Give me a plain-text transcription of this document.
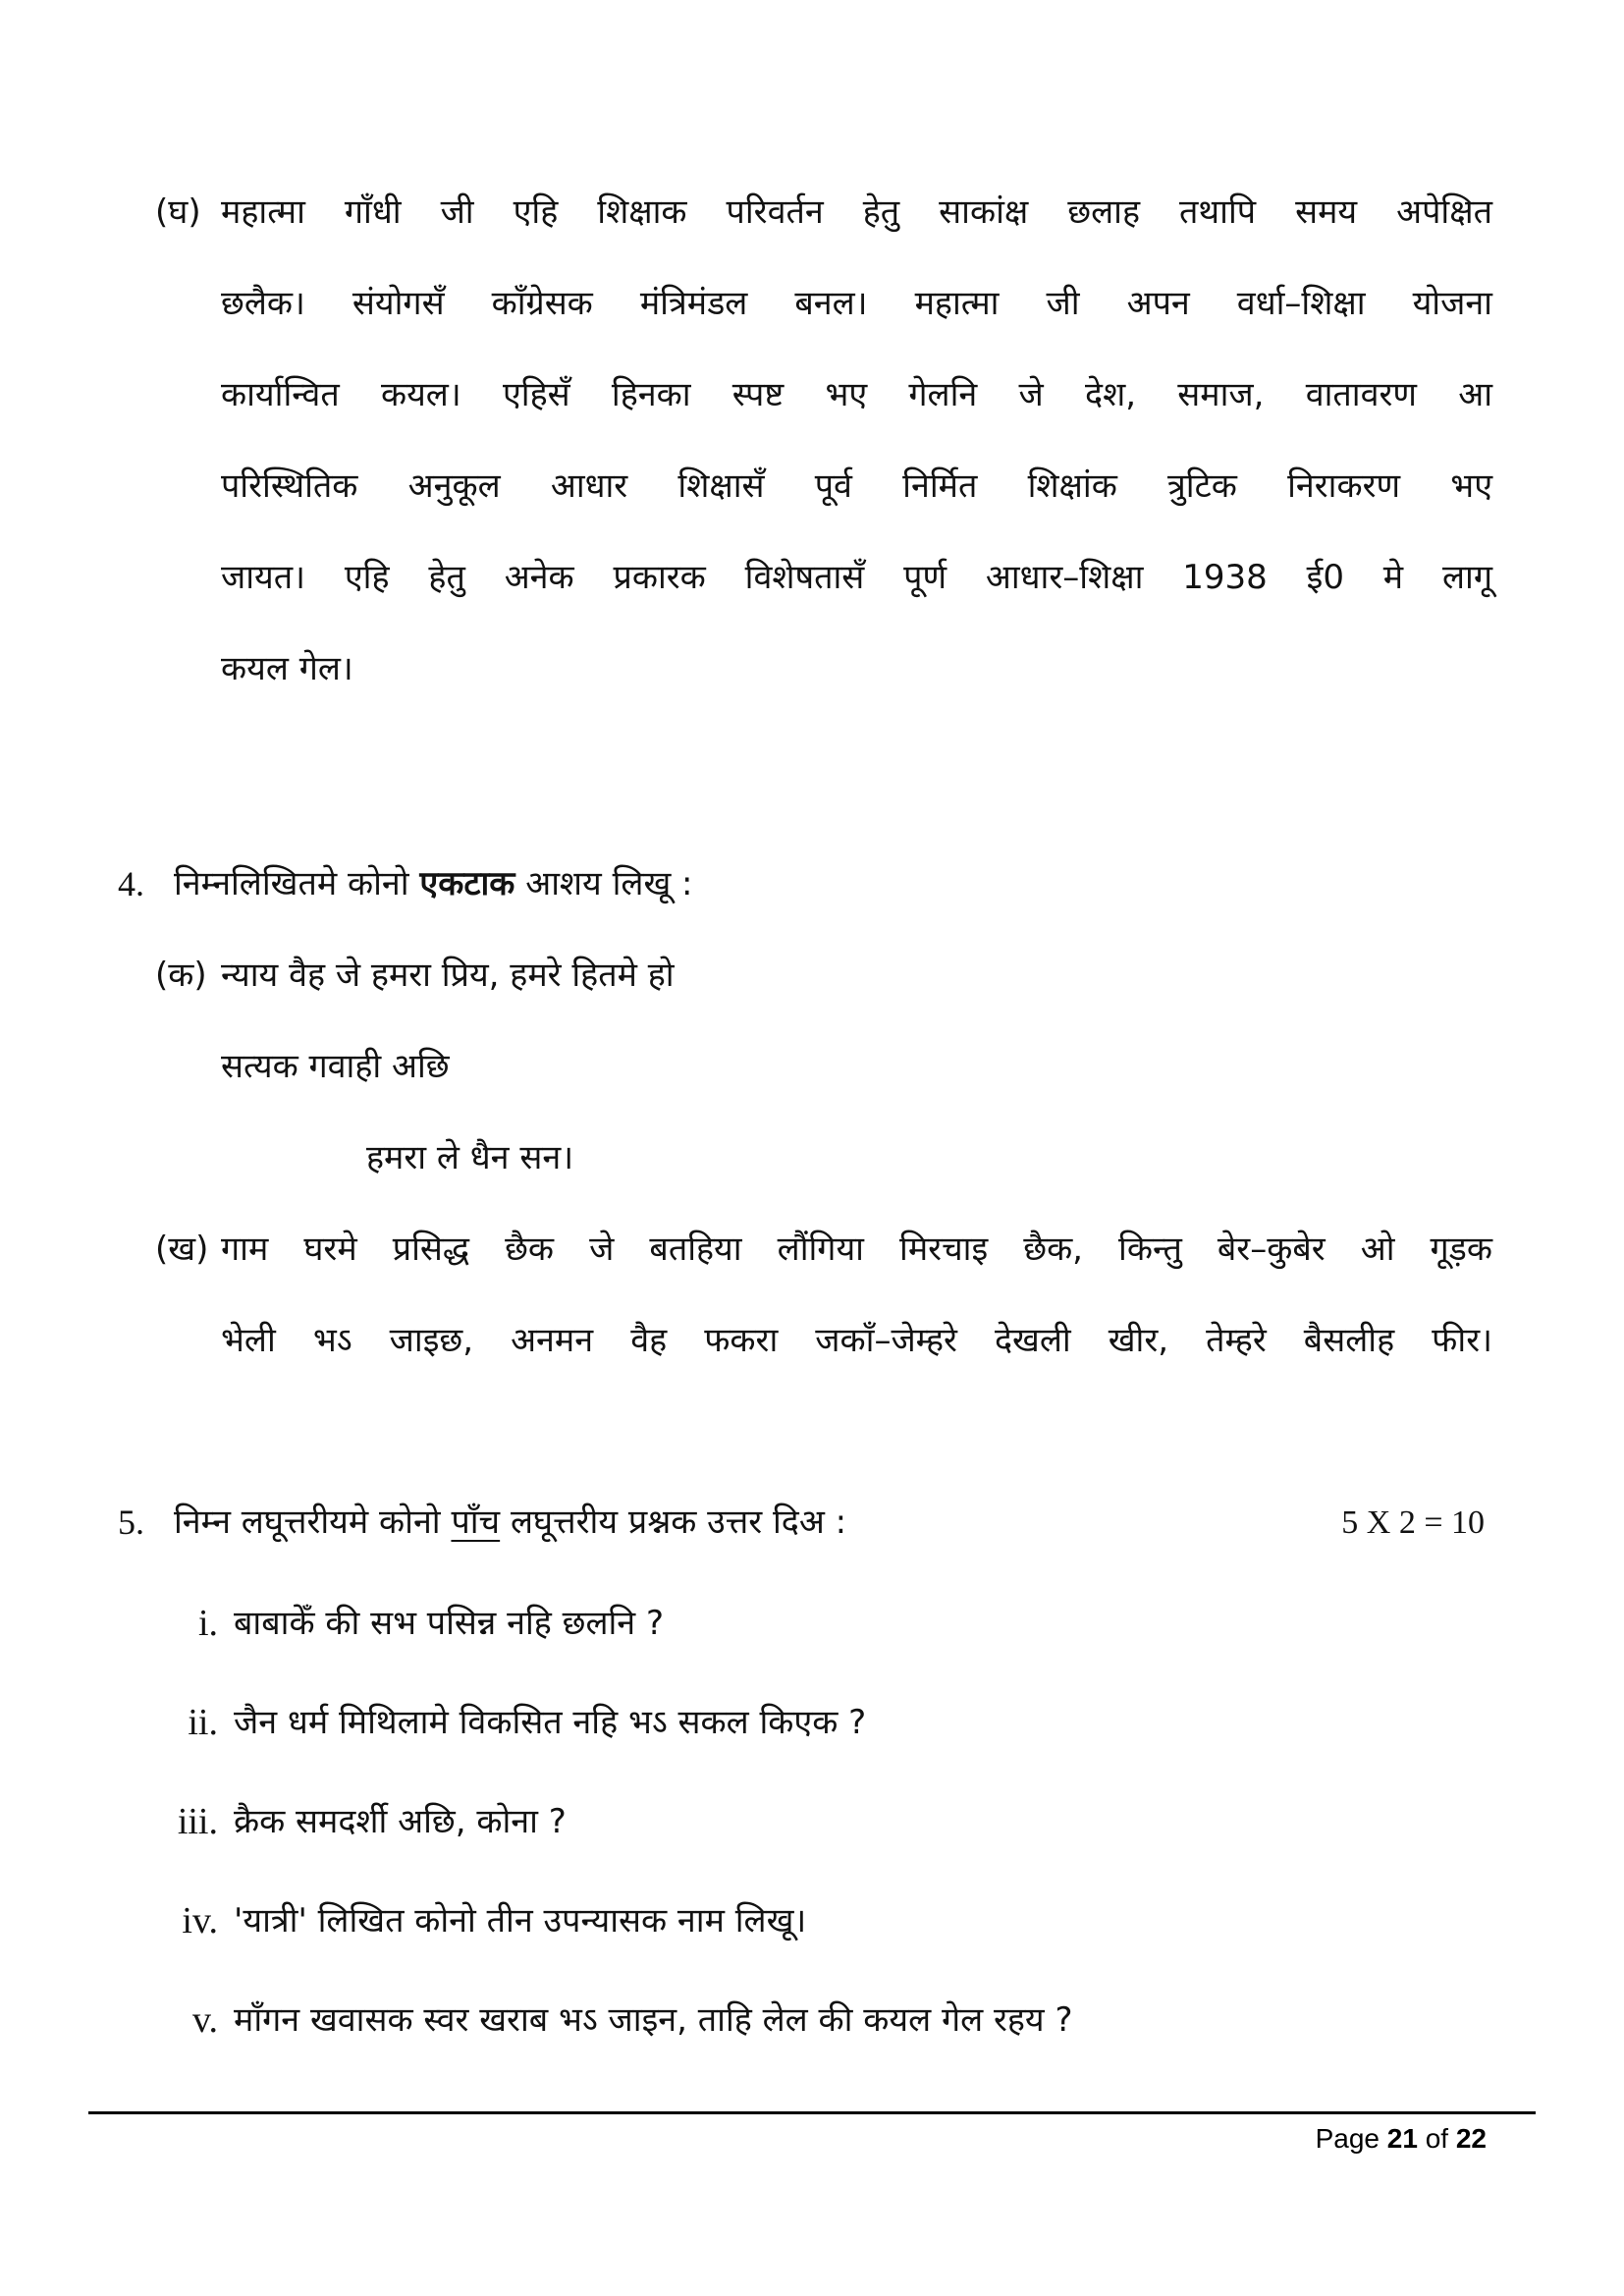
(घ) महात्मा गाँधी जी एहि शिक्षाक परिवर्तन हेतु साकांक्ष छलाह तथापि समय अपेक्षित
छलैक। संयोगसँ कॉंग्रेसक मंत्रिमंडल बनल। महात्मा जी अपन वर्धा–शिक्षा योजना
कार्यान्वित कयल। एहिसँ हिनका स्पष्ट भए गेलनि जे देश, समाज, वातावरण आ
परिस्थितिक अनुकूल आधार शिक्षासँ पूर्व निर्मित शिक्षांक त्रुटिक निराकरण भए
जायत। एहि हेतु अनेक प्रकारक विशेषतासँ पूर्ण आधार–शिक्षा 1938 ई0 मे लागू
कयल गेल।
4. निम्नलिखितमे कोनो एकटाक आशय लिखू :
(क) न्याय वैह जे हमरा प्रिय, हमरे हितमे हो
सत्यक गवाही अछि
हमरा ले धैन सन।
(ख) गाम घरमे प्रसिद्ध छैक जे बतहिया लौंगिया मिरचाइ छैक, किन्तु बेर–कुबेर ओ गूड़क
भेली भऽ जाइछ, अनमन वैह फकरा जकाँ–जेम्हरे देखली खीर, तेम्हरे बैसलीह फीर।
5. निम्न लघूत्तरीयमे कोनो पाँच लघूत्तरीय प्रश्नक उत्तर दिअ :	5 X 2 = 10
i. बाबाकेँ की सभ पसिन्न नहि छलनि ?
ii. जैन धर्म मिथिलामे विकसित नहि भऽ सकल किएक ?
iii. क्रैक समदर्शी अछि, कोना ?
iv. 'यात्री' लिखित कोनो तीन उपन्यासक नाम लिखू।
v. माँगन खवासक स्वर खराब भऽ जाइन, ताहि लेल की कयल गेल रहय ?
Page 21 of 22
